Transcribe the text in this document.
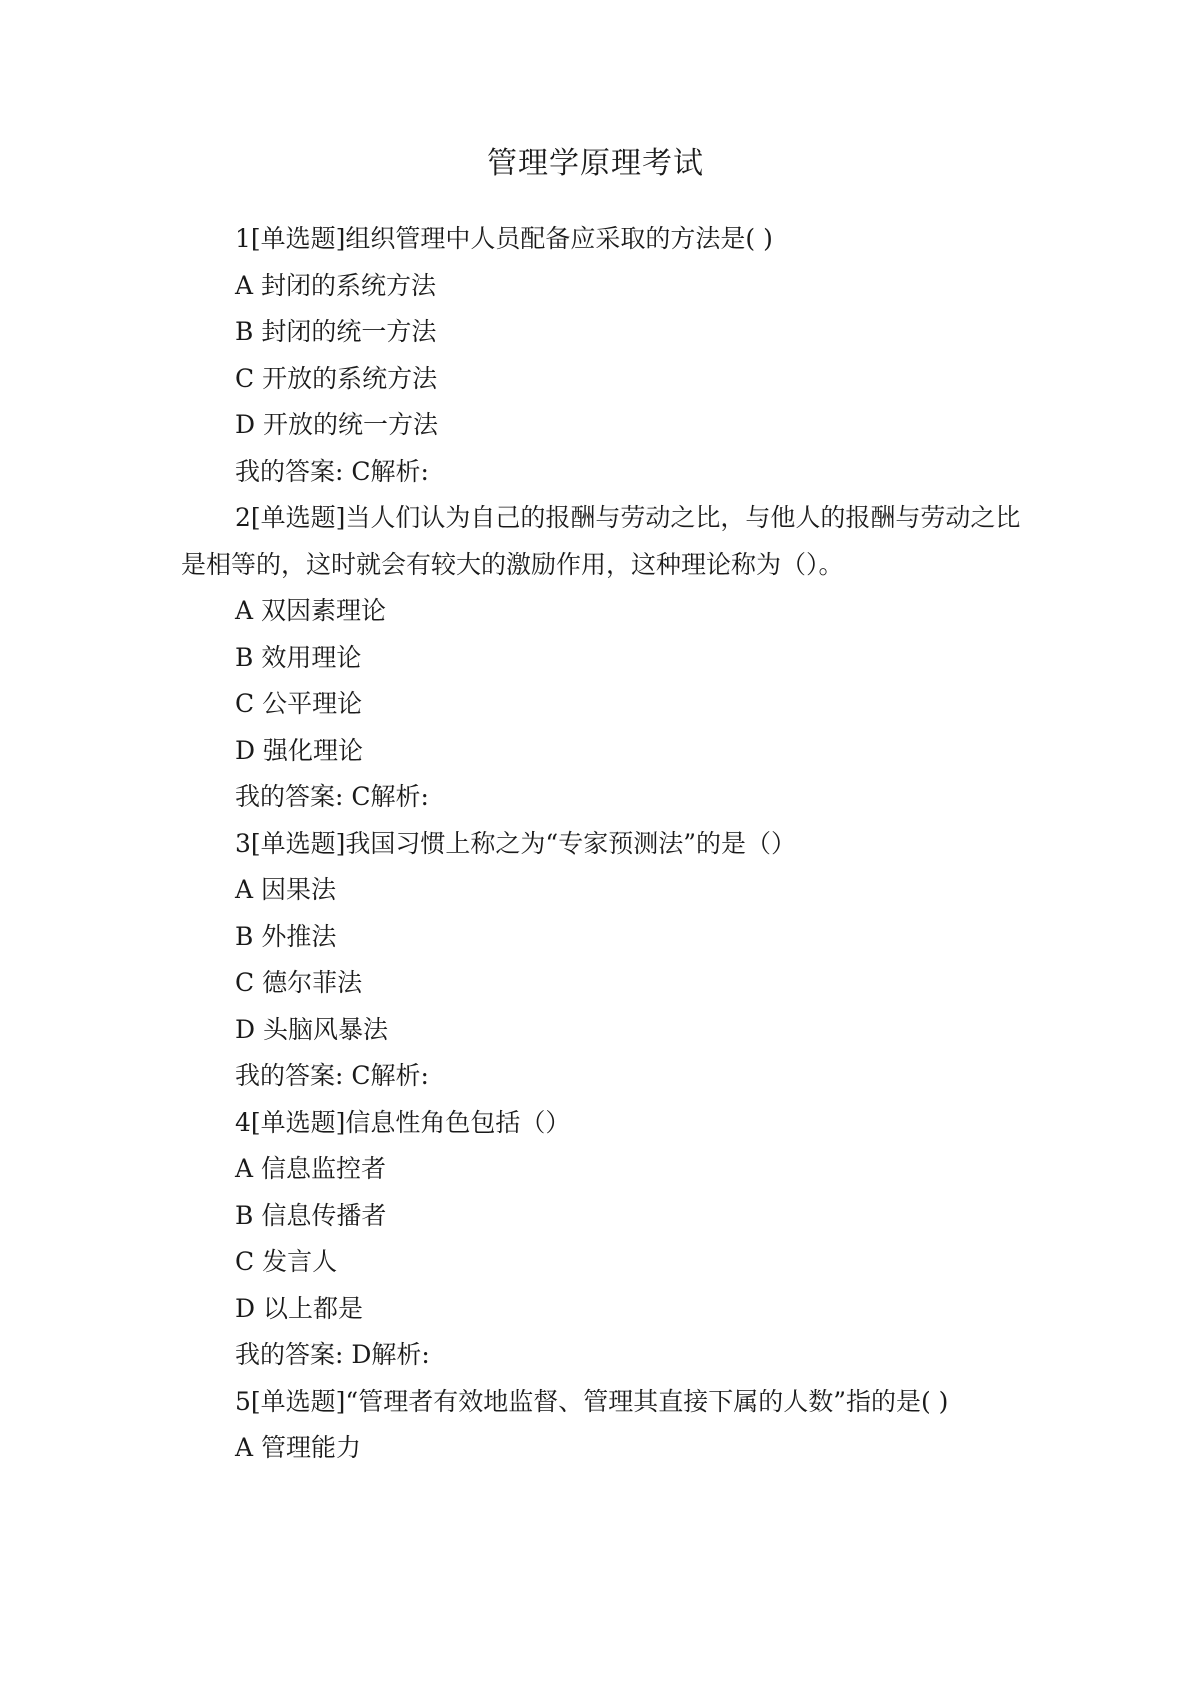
管理学原理考试

1[单选题]组织管理中人员配备应采取的方法是( )

A 封闭的系统方法

B 封闭的统一方法

C 开放的系统方法

D 开放的统一方法

我的答案: C解析:

2[单选题]当人们认为自己的报酬与劳动之比，与他人的报酬与劳动之比是相等的，这时就会有较大的激励作用，这种理论称为（）。

A 双因素理论

B 效用理论

C 公平理论

D 强化理论

我的答案: C解析:

3[单选题]我国习惯上称之为“专家预测法”的是（）

A 因果法

B 外推法

C 德尔菲法

D 头脑风暴法

我的答案: C解析:

4[单选题]信息性角色包括（）

A 信息监控者

B 信息传播者

C 发言人

D 以上都是

我的答案: D解析:

5[单选题]“管理者有效地监督、管理其直接下属的人数”指的是( )

A 管理能力
